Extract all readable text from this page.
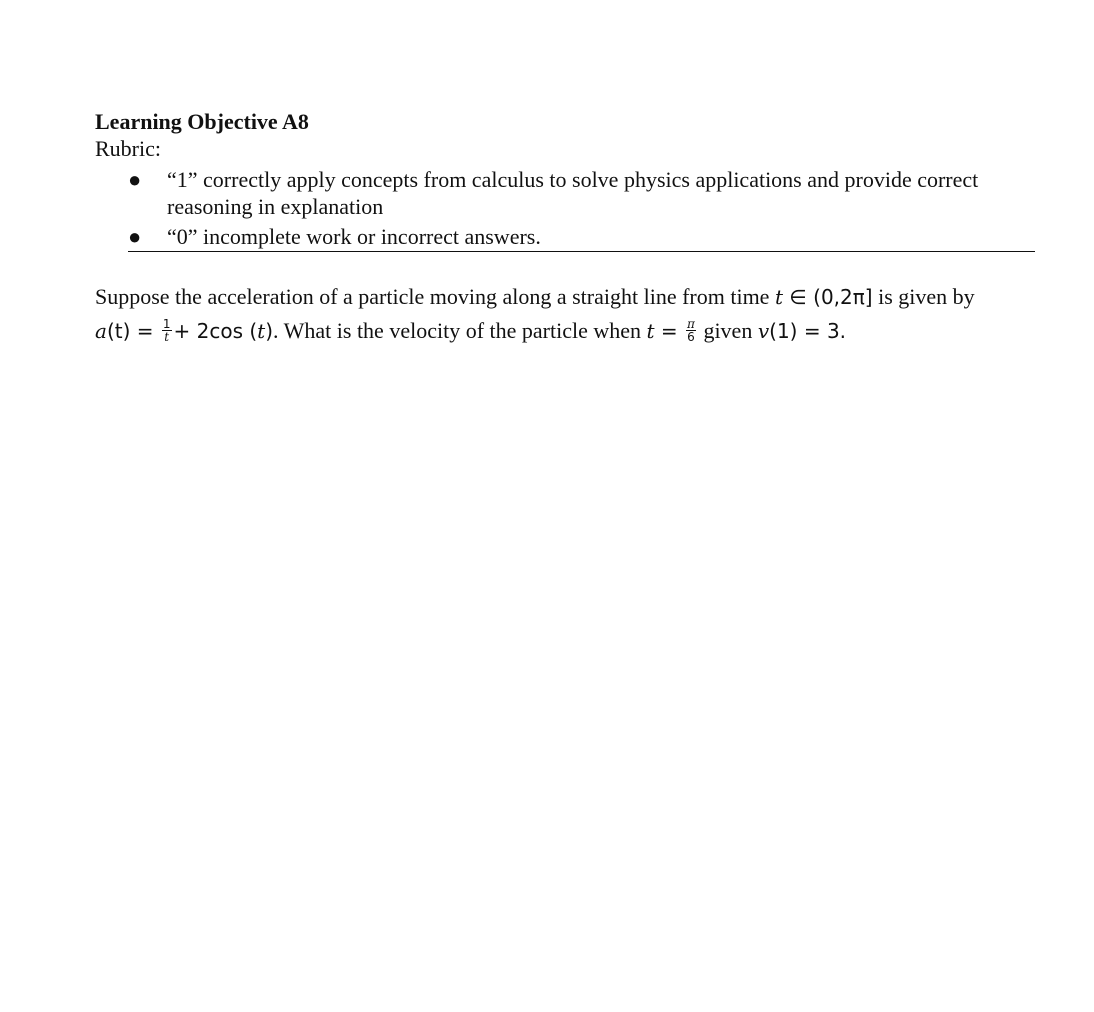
Learning Objective A8

Rubric:

● “1” correctly apply concepts from calculus to solve physics applications and provide correct reasoning in explanation
● “0” incomplete work or incorrect answers.

Suppose the acceleration of a particle moving along a straight line from time t ∈ (0,2π] is given by
$a(t) = \frac{1}{t} + 2\cos$ (t). What is the velocity of the particle when $t = \frac{\pi}{6}$ given v(1) = 3.
